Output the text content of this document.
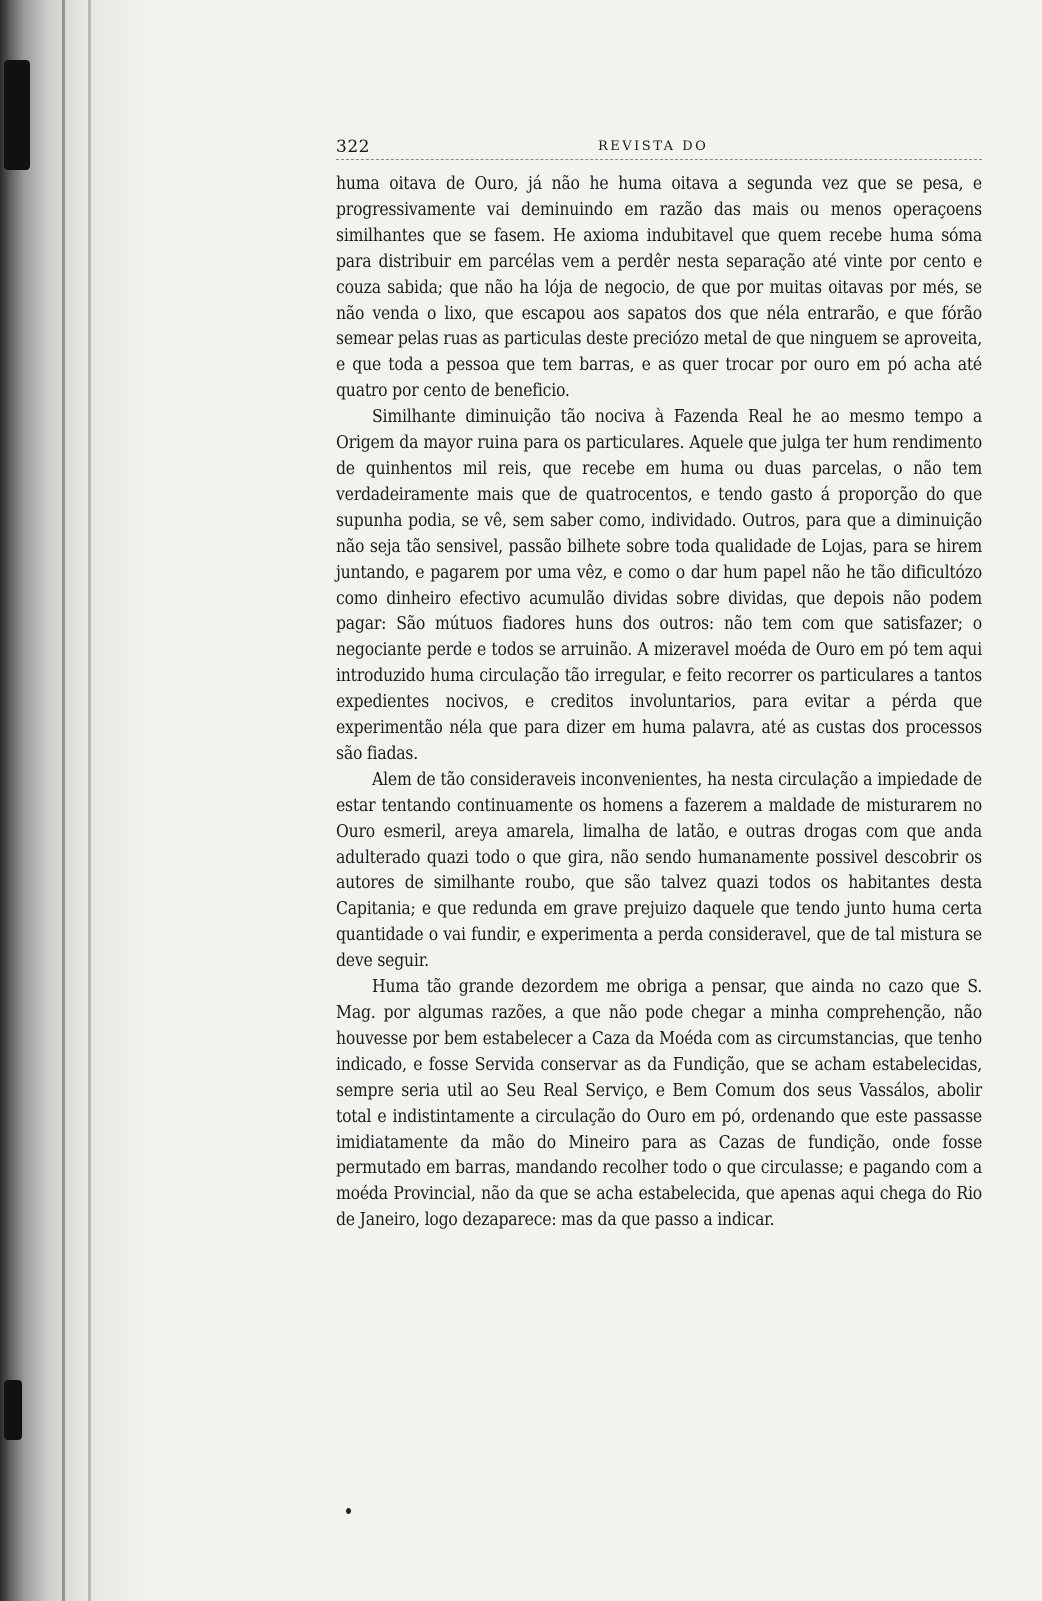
322	REVISTA DO

huma oitava de Ouro, já não he huma oitava a segunda vez que se pesa, e progressivamente vai deminuindo em razão das mais ou menos operaçoens similhantes que se fasem. He axioma indubitavel que quem recebe huma sóma para distribuir em parcélas vem a perdêr nesta separação até vinte por cento e couza sabida; que não ha lója de negocio, de que por muitas oitavas por més, se não venda o lixo, que escapou aos sapatos dos que néla entrarão, e que fórão semear pelas ruas as particulas deste preciózo metal de que ninguem se aproveita, e que toda a pessoa que tem barras, e as quer trocar por ouro em pó acha até quatro por cento de beneficio.

Similhante diminuição tão nociva à Fazenda Real he ao mesmo tempo a Origem da mayor ruina para os particulares. Aquele que julga ter hum rendimento de quinhentos mil reis, que recebe em huma ou duas parcelas, o não tem verdadeiramente mais que de quatrocentos, e tendo gasto á proporção do que supunha podia, se vê, sem saber como, individado. Outros, para que a diminuição não seja tão sensivel, passão bilhete sobre toda qualidade de Lojas, para se hirem juntando, e pagarem por uma vêz, e como o dar hum papel não he tão dificultózo como dinheiro efectivo acumulão dividas sobre dividas, que depois não podem pagar: São mútuos fiadores huns dos outros: não tem com que satisfazer; o negociante perde e todos se arruinão. A mizeravel moéda de Ouro em pó tem aqui introduzido huma circulação tão irregular, e feito recorrer os particulares a tantos expedientes nocivos, e creditos involuntarios, para evitar a pérda que experimentão néla que para dizer em huma palavra, até as custas dos processos são fiadas.

Alem de tão consideraveis inconvenientes, ha nesta circulação a impiedade de estar tentando continuamente os homens a fazerem a maldade de misturarem no Ouro esmeril, areya amarela, limalha de latão, e outras drogas com que anda adulterado quazi todo o que gira, não sendo humanamente possivel descobrir os autores de similhante roubo, que são talvez quazi todos os habitantes desta Capitania; e que redunda em grave prejuizo daquele que tendo junto huma certa quantidade o vai fundir, e experimenta a perda consideravel, que de tal mistura se deve seguir.

Huma tão grande dezordem me obriga a pensar, que ainda no cazo que S. Mag. por algumas razões, a que não pode chegar a minha comprehenção, não houvesse por bem estabelecer a Caza da Moéda com as circumstancias, que tenho indicado, e fosse Servida conservar as da Fundição, que se acham estabelecidas, sempre seria util ao Seu Real Serviço, e Bem Comum dos seus Vassálos, abolir total e indistintamente a circulação do Ouro em pó, ordenando que este passasse imidiatamente da mão do Mineiro para as Cazas de fundição, onde fosse permutado em barras, mandando recolher todo o que circulasse; e pagando com a moéda Provincial, não da que se acha estabelecida, que apenas aqui chega do Rio de Janeiro, logo dezaparece: mas da que passo a indicar.
